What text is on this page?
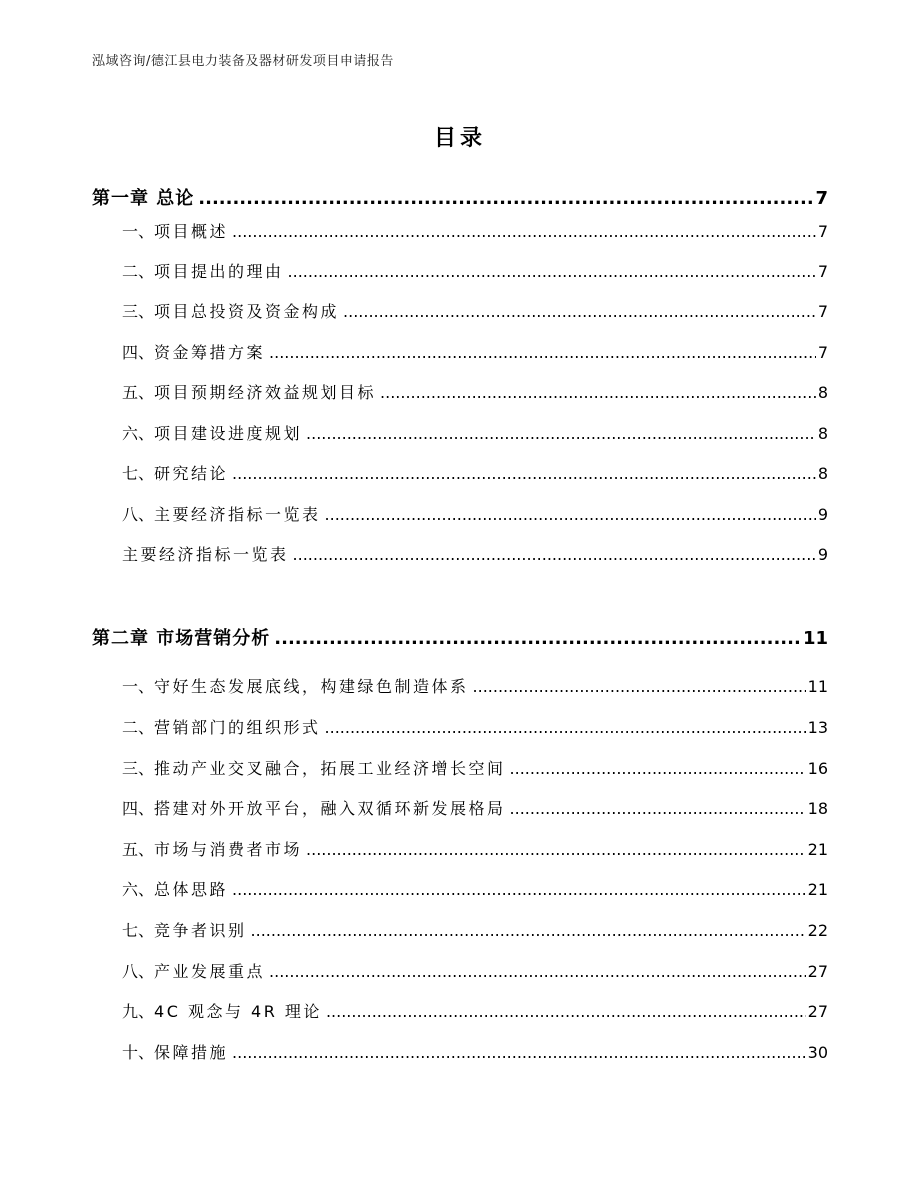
泓域咨询/德江县电力装备及器材研发项目申请报告
目录
第一章 总论 .....	7
一、 项目概述 .....	7
二、 项目提出的理由 .....	7
三、 项目总投资及资金构成 .....	7
四、 资金筹措方案 .....	7
五、 项目预期经济效益规划目标 .....	8
六、 项目建设进度规划 .....	8
七、 研究结论 .....	8
八、 主要经济指标一览表 .....	9
主要经济指标一览表 .....	9
第二章 市场营销分析 .....	11
一、 守好生态发展底线，构建绿色制造体系 .....	11
二、 营销部门的组织形式 .....	13
三、 推动产业交叉融合，拓展工业经济增长空间 .....	16
四、 搭建对外开放平台，融入双循环新发展格局 .....	18
五、 市场与消费者市场 .....	21
六、 总体思路 .....	21
七、 竞争者识别 .....	22
八、 产业发展重点 .....	27
九、 4C 观念与 4R 理论 .....	27
十、 保障措施 .....	30
